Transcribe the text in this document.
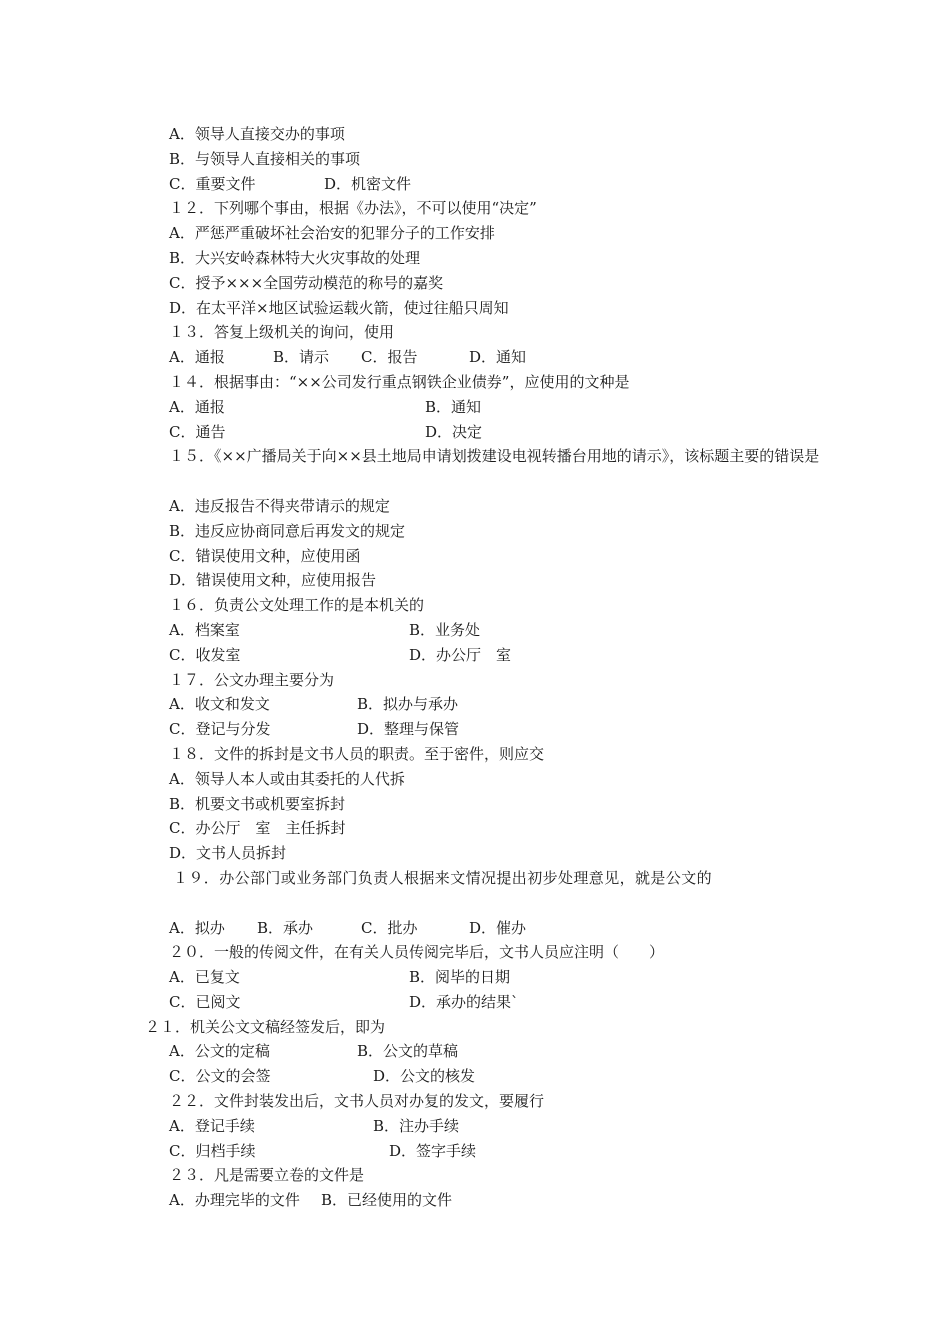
A．领导人直接交办的事项
B．与领导人直接相关的事项
C．重要文件	D．机密文件
１２．下列哪个事由，根据《办法》，不可以使用“决定”
A．严惩严重破坏社会治安的犯罪分子的工作安排
B．大兴安岭森林特大火灾事故的处理
C．授予×××全国劳动模范的称号的嘉奖
D．在太平洋×地区试验运载火箭，使过往船只周知
１３．答复上级机关的询问，使用
A．通报	B．请示	C．报告	D．通知
１４．根据事由：“××公司发行重点钢铁企业债券”，应使用的文种是
A．通报	B．通知
C．通告	D．决定
１５．《××广播局关于向××县土地局申请划拨建设电视转播台用地的请示》，该标题主要的错误是
A．违反报告不得夹带请示的规定
B．违反应协商同意后再发文的规定
C．错误使用文种，应使用函
D．错误使用文种，应使用报告
１６．负责公文处理工作的是本机关的
A．档案室	B．业务处
C．收发室	D．办公厅　室
１７．公文办理主要分为
A．收文和发文	B．拟办与承办
C．登记与分发	D．整理与保管
１８．文件的拆封是文书人员的职责。至于密件，则应交
A．领导人本人或由其委托的人代拆
B．机要文书或机要室拆封
C．办公厅　室　主任拆封
D．文书人员拆封
１９．办公部门或业务部门负责人根据来文情况提出初步处理意见，就是公文的
A．拟办	B．承办	C．批办	D．催办
２０．一般的传阅文件，在有关人员传阅完毕后，文书人员应注明（　　）
A．已复文	B．阅毕的日期
C．已阅文	D．承办的结果`
２１．机关公文文稿经签发后，即为
A．公文的定稿	B．公文的草稿
C．公文的会签	D．公文的核发
２２．文件封装发出后，文书人员对办复的发文，要履行
A．登记手续	B．注办手续
C．归档手续	D．签字手续
２３．凡是需要立卷的文件是
A．办理完毕的文件	B．已经使用的文件
